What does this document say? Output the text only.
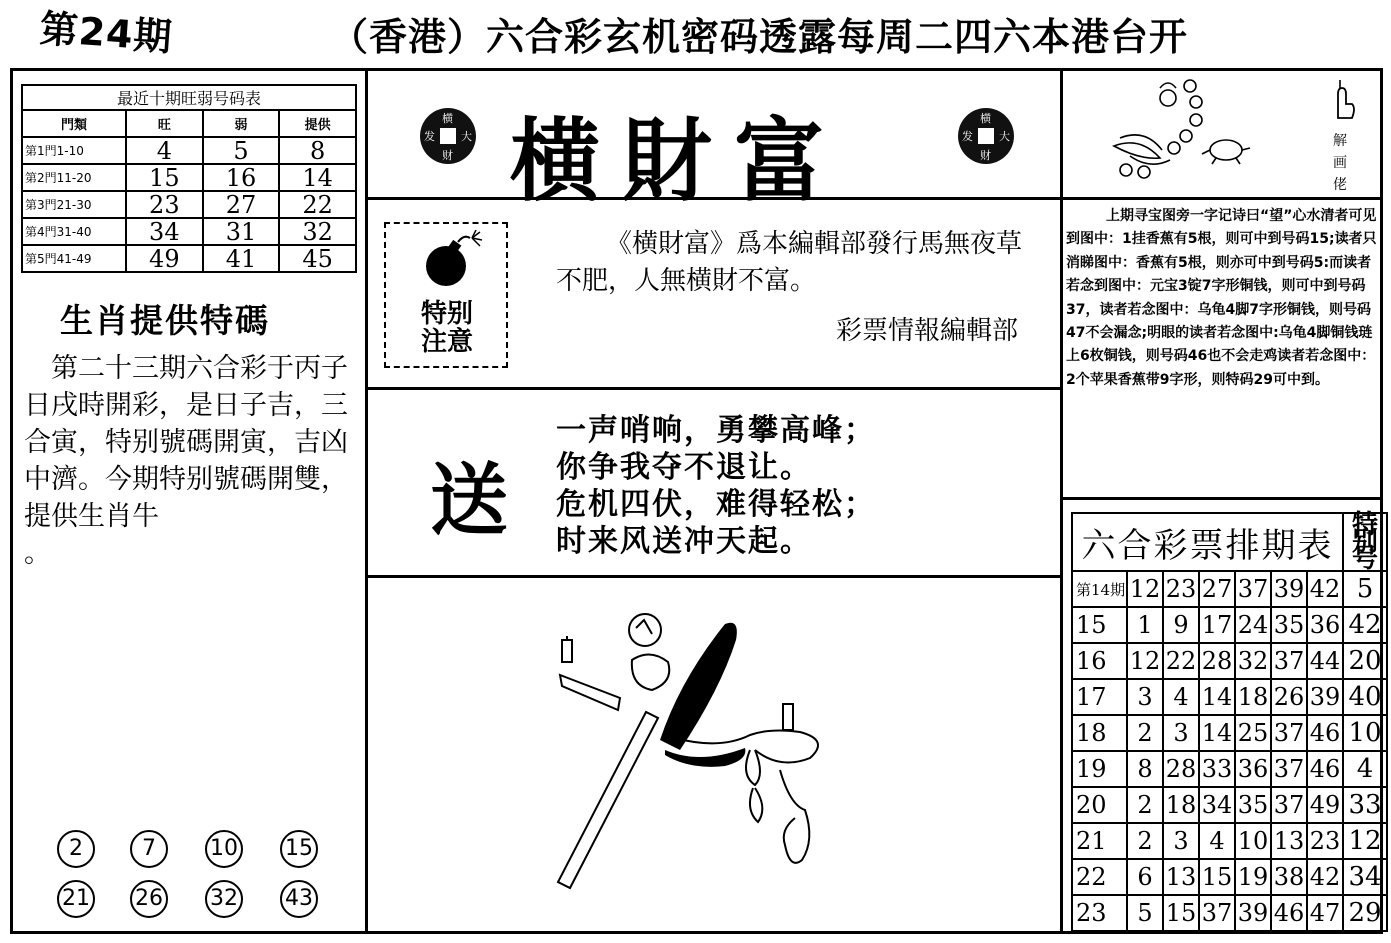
第24期	（香港）六合彩玄机密码透露每周二四六本港台开
最近十期旺弱号码表			
門類	旺	弱	提供
第1門1-10	4	5	8
第2門11-20	15	16	14
第3門21-30	23	27	22
第4門31-40	34	31	32
第5門41-49	49	41	45
生肖提供特碼
　第二十三期六合彩于丙子日戌時開彩，是日子吉，三合寅，特别號碼開寅，吉凶中濟。今期特别號碼開雙，提供生肖牛
。
2	7	10 15
21 26 32 43
横
发 大
财 横財富	横
发 大
财
特别
注意

《横財富》爲本編輯部發行馬無夜草不肥，人無横財不富。

彩票情報編輯部
送
一声哨响，勇攀高峰；
你争我夺不退让。
危机四伏，难得轻松；
时来风送冲天起。
解
画
佬
上期寻宝图旁一字记诗曰“望”心水清者可见到图中：1挂香蕉有5根，则可中到号码15;读者只消睇图中：香蕉有5根，则亦可中到号码5:而读者若念到图中：元宝3锭7字形铜钱，则可中到号码37，读者若念图中：乌龟4脚7字形铜钱，则号码47不会漏念;明眼的读者若念图中:乌龟4脚铜钱琏上6枚铜钱，则号码46也不会走鸡读者若念图中：2个苹果香蕉带9字形，则特码29可中到。
六合彩票排期表							特别号
第14期	12	23	27	37	39	42	5
15	1	9	17	24	35	36	42
16	12	22	28	32	37	44	20
17	3	4	14	18	26	39	40
18	2	3	14	25	37	46	10
19	8	28	33	36	37	46	4
20	2	18	34	35	37	49	33
21	2	3	4	10	13	23	12
22	6	13	15	19	38	42	34
23	5	15	37	39	46	47	29
